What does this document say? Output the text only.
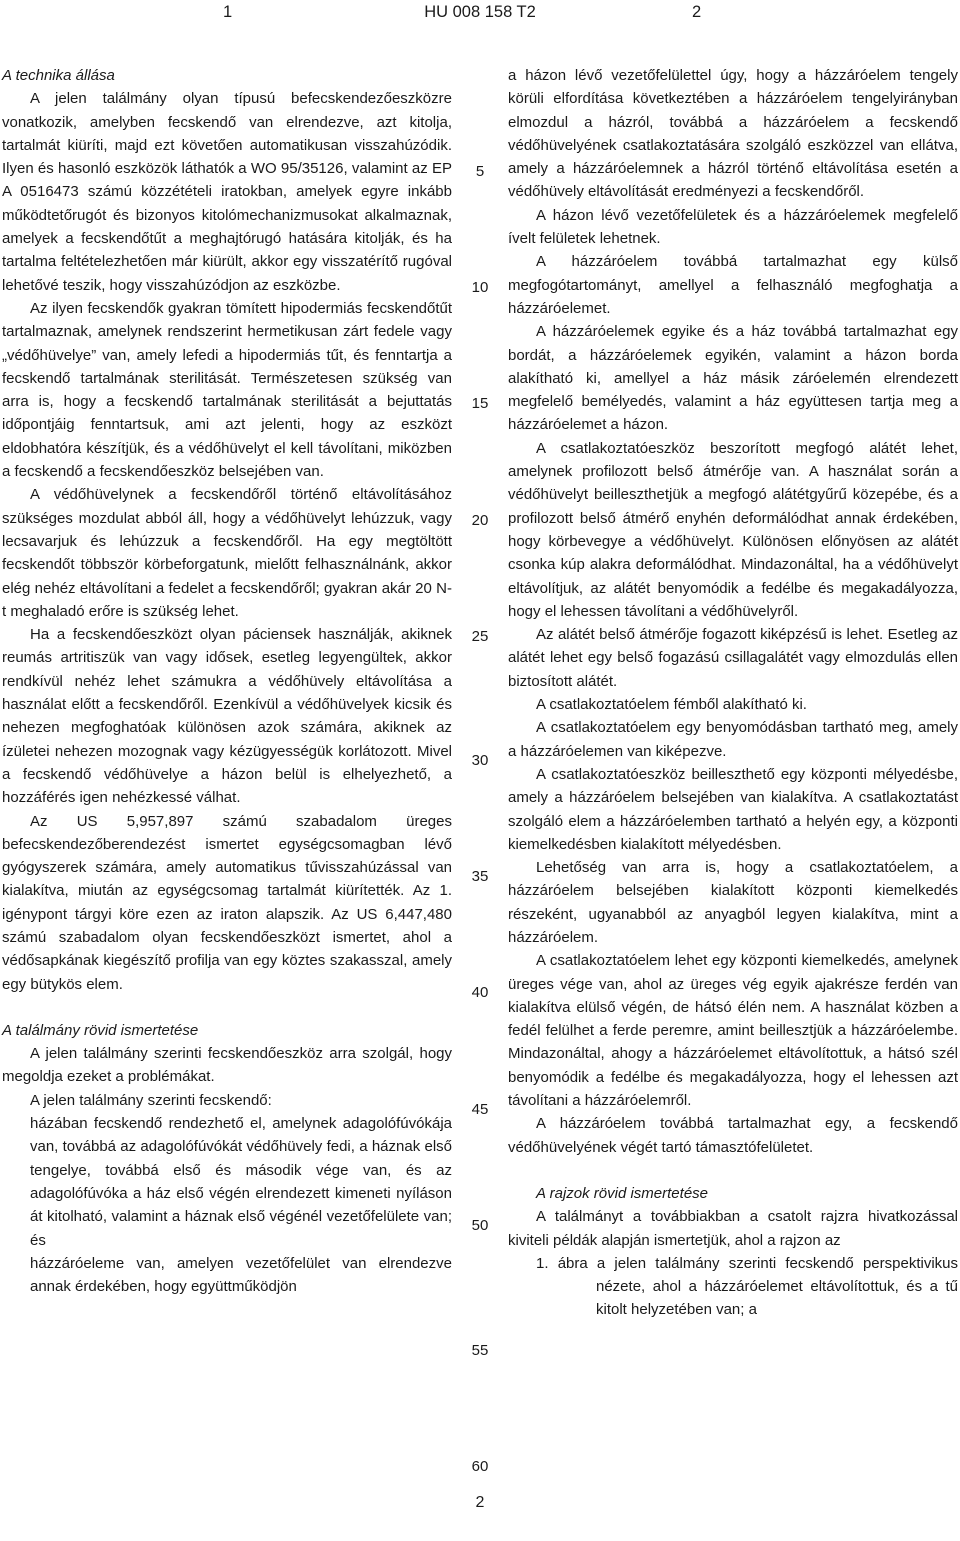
1	HU 008 158 T2	2
A technika állása

A jelen találmány olyan típusú befecskendezőeszközre vonatkozik, amelyben fecskendő van elrendezve, azt kitolja, tartalmát kiüríti, majd ezt követően automatikusan visszahúzódik. Ilyen és hasonló eszközök láthatók a WO 95/35126, valamint az EP A 0516473 számú közzétételi iratokban, amelyek egyre inkább működtetőrugót és bizonyos kitolómechanizmusokat alkalmaznak, amelyek a fecskendőtűt a meghajtórugó hatására kitolják, és ha tartalma feltételezhetően már kiürült, akkor egy visszatérítő rugóval lehetővé teszik, hogy visszahúzódjon az eszközbe.

Az ilyen fecskendők gyakran tömített hipodermiás fecskendőtűt tartalmaznak, amelynek rendszerint hermetikusan zárt fedele vagy „védőhüvelye” van, amely lefedi a hipodermiás tűt, és fenntartja a fecskendő tartalmának sterilitását. Természetesen szükség van arra is, hogy a fecskendő tartalmának sterilitását a bejuttatás időpontjáig fenntartsuk, ami azt jelenti, hogy az eszközt eldobhatóra készítjük, és a védőhüvelyt el kell távolítani, miközben a fecskendő a fecskendőeszköz belsejében van.

A védőhüvelynek a fecskendőről történő eltávolításához szükséges mozdulat abból áll, hogy a védőhüvelyt lehúzzuk, vagy lecsavarjuk és lehúzzuk a fecskendőről. Ha egy megtöltött fecskendőt többször körbeforgatunk, mielőtt felhasználnánk, akkor elég nehéz eltávolítani a fedelet a fecskendőről; gyakran akár 20 N-t meghaladó erőre is szükség lehet.

Ha a fecskendőeszközt olyan páciensek használják, akiknek reumás artritiszük van vagy idősek, esetleg legyengültek, akkor rendkívül nehéz lehet számukra a védőhüvely eltávolítása a használat előtt a fecskendőről. Ezenkívül a védőhüvelyek kicsik és nehezen megfoghatóak különösen azok számára, akiknek az ízületei nehezen mozognak vagy kézügyességük korlátozott. Mivel a fecskendő védőhüvelye a házon belül is elhelyezhető, a hozzáférés igen nehézkessé válhat.

Az US 5,957,897 számú szabadalom üreges befecskendezőberendezést ismertet egységcsomagban lévő gyógyszerek számára, amely automatikus tűvisszahúzással van kialakítva, miután az egységcsomag tartalmát kiürítették. Az 1. igénypont tárgyi köre ezen az iraton alapszik. Az US 6,447,480 számú szabadalom olyan fecskendőeszközt ismertet, ahol a védősapkának kiegészítő profilja van egy köztes szakasszal, amely egy bütykös elem.

A találmány rövid ismertetése

A jelen találmány szerinti fecskendőeszköz arra szolgál, hogy megoldja ezeket a problémákat.

A jelen találmány szerinti fecskendő:

házában fecskendő rendezhető el, amelynek adagolófúvókája van, továbbá az adagolófúvókát védőhüvely fedi, a háznak első tengelye, továbbá első és második vége van, és az adagolófúvóka a ház első végén elrendezett kimeneti nyíláson át kitolható, valamint a háznak első végénél vezetőfelülete van; és

házzáróeleme van, amelyen vezetőfelület van elrendezve annak érdekében, hogy együttműködjön

a házon lévő vezetőfelülettel úgy, hogy a házzáróelem tengely körüli elfordítása következtében a házzáróelem tengelyirányban elmozdul a házról, továbbá a házzáróelem a fecskendő védőhüvelyének csatlakoztatására szolgáló eszközzel van ellátva, amely a házzáróelemnek a házról történő eltávolítása esetén a védőhüvely eltávolítását eredményezi a fecskendőről.

A házon lévő vezetőfelületek és a házzáróelemek megfelelő ívelt felületek lehetnek.

A házzáróelem továbbá tartalmazhat egy külső megfogótartományt, amellyel a felhasználó megfoghatja a házzáróelemet.

A házzáróelemek egyike és a ház továbbá tartalmazhat egy bordát, a házzáróelemek egyikén, valamint a házon borda alakítható ki, amellyel a ház másik záróelemén elrendezett megfelelő bemélyedés, valamint a ház együttesen tartja meg a házzáróelemet a házon.

A csatlakoztatóeszköz beszorított megfogó alátét lehet, amelynek profilozott belső átmérője van. A használat során a védőhüvelyt beilleszthetjük a megfogó alátétgyűrű közepébe, és a profilozott belső átmérő enyhén deformálódhat annak érdekében, hogy körbevegye a védőhüvelyt. Különösen előnyösen az alátét csonka kúp alakra deformálódhat. Mindazonáltal, ha a védőhüvelyt eltávolítjuk, az alátét benyomódik a fedélbe és megakadályozza, hogy el lehessen távolítani a védőhüvelyről.

Az alátét belső átmérője fogazott kiképzésű is lehet. Esetleg az alátét lehet egy belső fogazású csillagalátét vagy elmozdulás ellen biztosított alátét.

A csatlakoztatóelem fémből alakítható ki.

A csatlakoztatóelem egy benyomódásban tartható meg, amely a házzáróelemen van kiképezve.

A csatlakoztatóeszköz beilleszthető egy központi mélyedésbe, amely a házzáróelem belsejében van kialakítva. A csatlakoztatást szolgáló elem a házzáróelemben tartható a helyén egy, a központi kiemelkedésben kialakított mélyedésben.

Lehetőség van arra is, hogy a csatlakoztatóelem, a házzáróelem belsejében kialakított központi kiemelkedés részeként, ugyanabból az anyagból legyen kialakítva, mint a házzáróelem.

A csatlakoztatóelem lehet egy központi kiemelkedés, amelynek üreges vége van, ahol az üreges vég egyik ajakrésze ferdén van kialakítva elülső végén, de hátsó élén nem. A használat közben a fedél felülhet a ferde peremre, amint beillesztjük a házzáróelembe. Mindazonáltal, ahogy a házzáróelemet eltávolítottuk, a hátsó szél benyomódik a fedélbe és megakadályozza, hogy el lehessen azt távolítani a házzáróelemről.

A házzáróelem továbbá tartalmazhat egy, a fecskendő védőhüvelyének végét tartó támasztófelületet.

A rajzok rövid ismertetése

A találmányt a továbbiakban a csatolt rajzra hivatkozással kiviteli példák alapján ismertetjük, ahol a rajzon az

1. ábra a jelen találmány szerinti fecskendő perspektivikus nézete, ahol a házzáróelemet eltávolítottuk, és a tű kitolt helyzetében van; a

5
10
15
20
25
30
35
40
45
50
55
60
2
